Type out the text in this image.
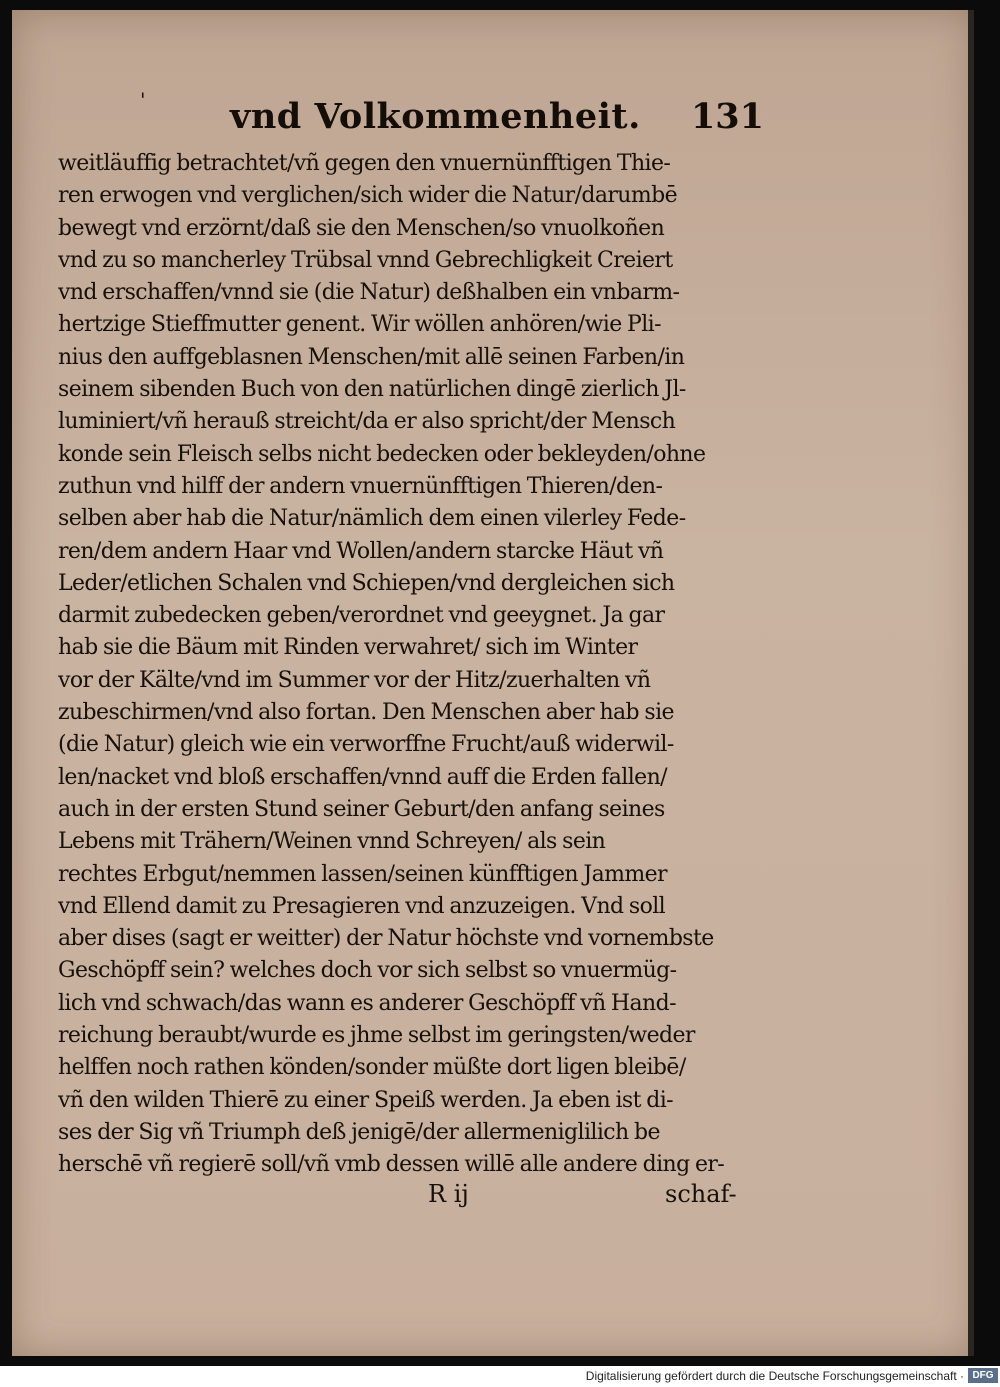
' vnd Volkommenheit. 131
weitläuffig betrachtet/vñ gegen den vnuernünfftigen Thie-
ren erwogen vnd verglichen/sich wider die Natur/darumbē
bewegt vnd erzörnt/daß sie den Menschen/so vnuolkoñen
vnd zu so mancherley Trübsal vnnd Gebrechligkeit Creiert
vnd erschaffen/vnnd sie (die Natur) deßhalben ein vnbarm-
hertzige Stieffmutter genent. Wir wöllen anhören/wie Pli-
nius den auffgeblasnen Menschen/mit allē seinen Farben/in
seinem sibenden Buch von den natürlichen dingē zierlich Jl-
luminiert/vñ herauß streicht/da er also spricht/der Mensch
konde sein Fleisch selbs nicht bedecken oder bekleyden/ohne
zuthun vnd hilff der andern vnuernünfftigen Thieren/den-
selben aber hab die Natur/nämlich dem einen vilerley Fede-
ren/dem andern Haar vnd Wollen/andern starcke Häut vñ
Leder/etlichen Schalen vnd Schiepen/vnd dergleichen sich
darmit zubedecken geben/verordnet vnd geeygnet. Ja gar
hab sie die Bäum mit Rinden verwahret/ sich im Winter
vor der Kälte/vnd im Summer vor der Hitz/zuerhalten vñ
zubeschirmen/vnd also fortan. Den Menschen aber hab sie
(die Natur) gleich wie ein verworffne Frucht/auß widerwil-
len/nacket vnd bloß erschaffen/vnnd auff die Erden fallen/
auch in der ersten Stund seiner Geburt/den anfang seines
Lebens mit Trähern/Weinen vnnd Schreyen/ als sein
rechtes Erbgut/nemmen lassen/seinen künfftigen Jammer
vnd Ellend damit zu Presagieren vnd anzuzeigen. Vnd soll
aber dises (sagt er weitter) der Natur höchste vnd vornembste
Geschöpff sein? welches doch vor sich selbst so vnuermüg-
lich vnd schwach/das wann es anderer Geschöpff vñ Hand-
reichung beraubt/wurde es jhme selbst im geringsten/weder
helffen noch rathen könden/sonder müßte dort ligen bleibē/
vñ den wilden Thierē zu einer Speiß werden. Ja eben ist di-
ses der Sig vñ Triumph deß jenigē/der allermeniglilich be
herschē vñ regierē soll/vñ vmb dessen willē alle andere ding er-
R ij	schaf-
Digitalisierung gefördert durch die Deutsche Forschungsgemeinschaft · DFG
